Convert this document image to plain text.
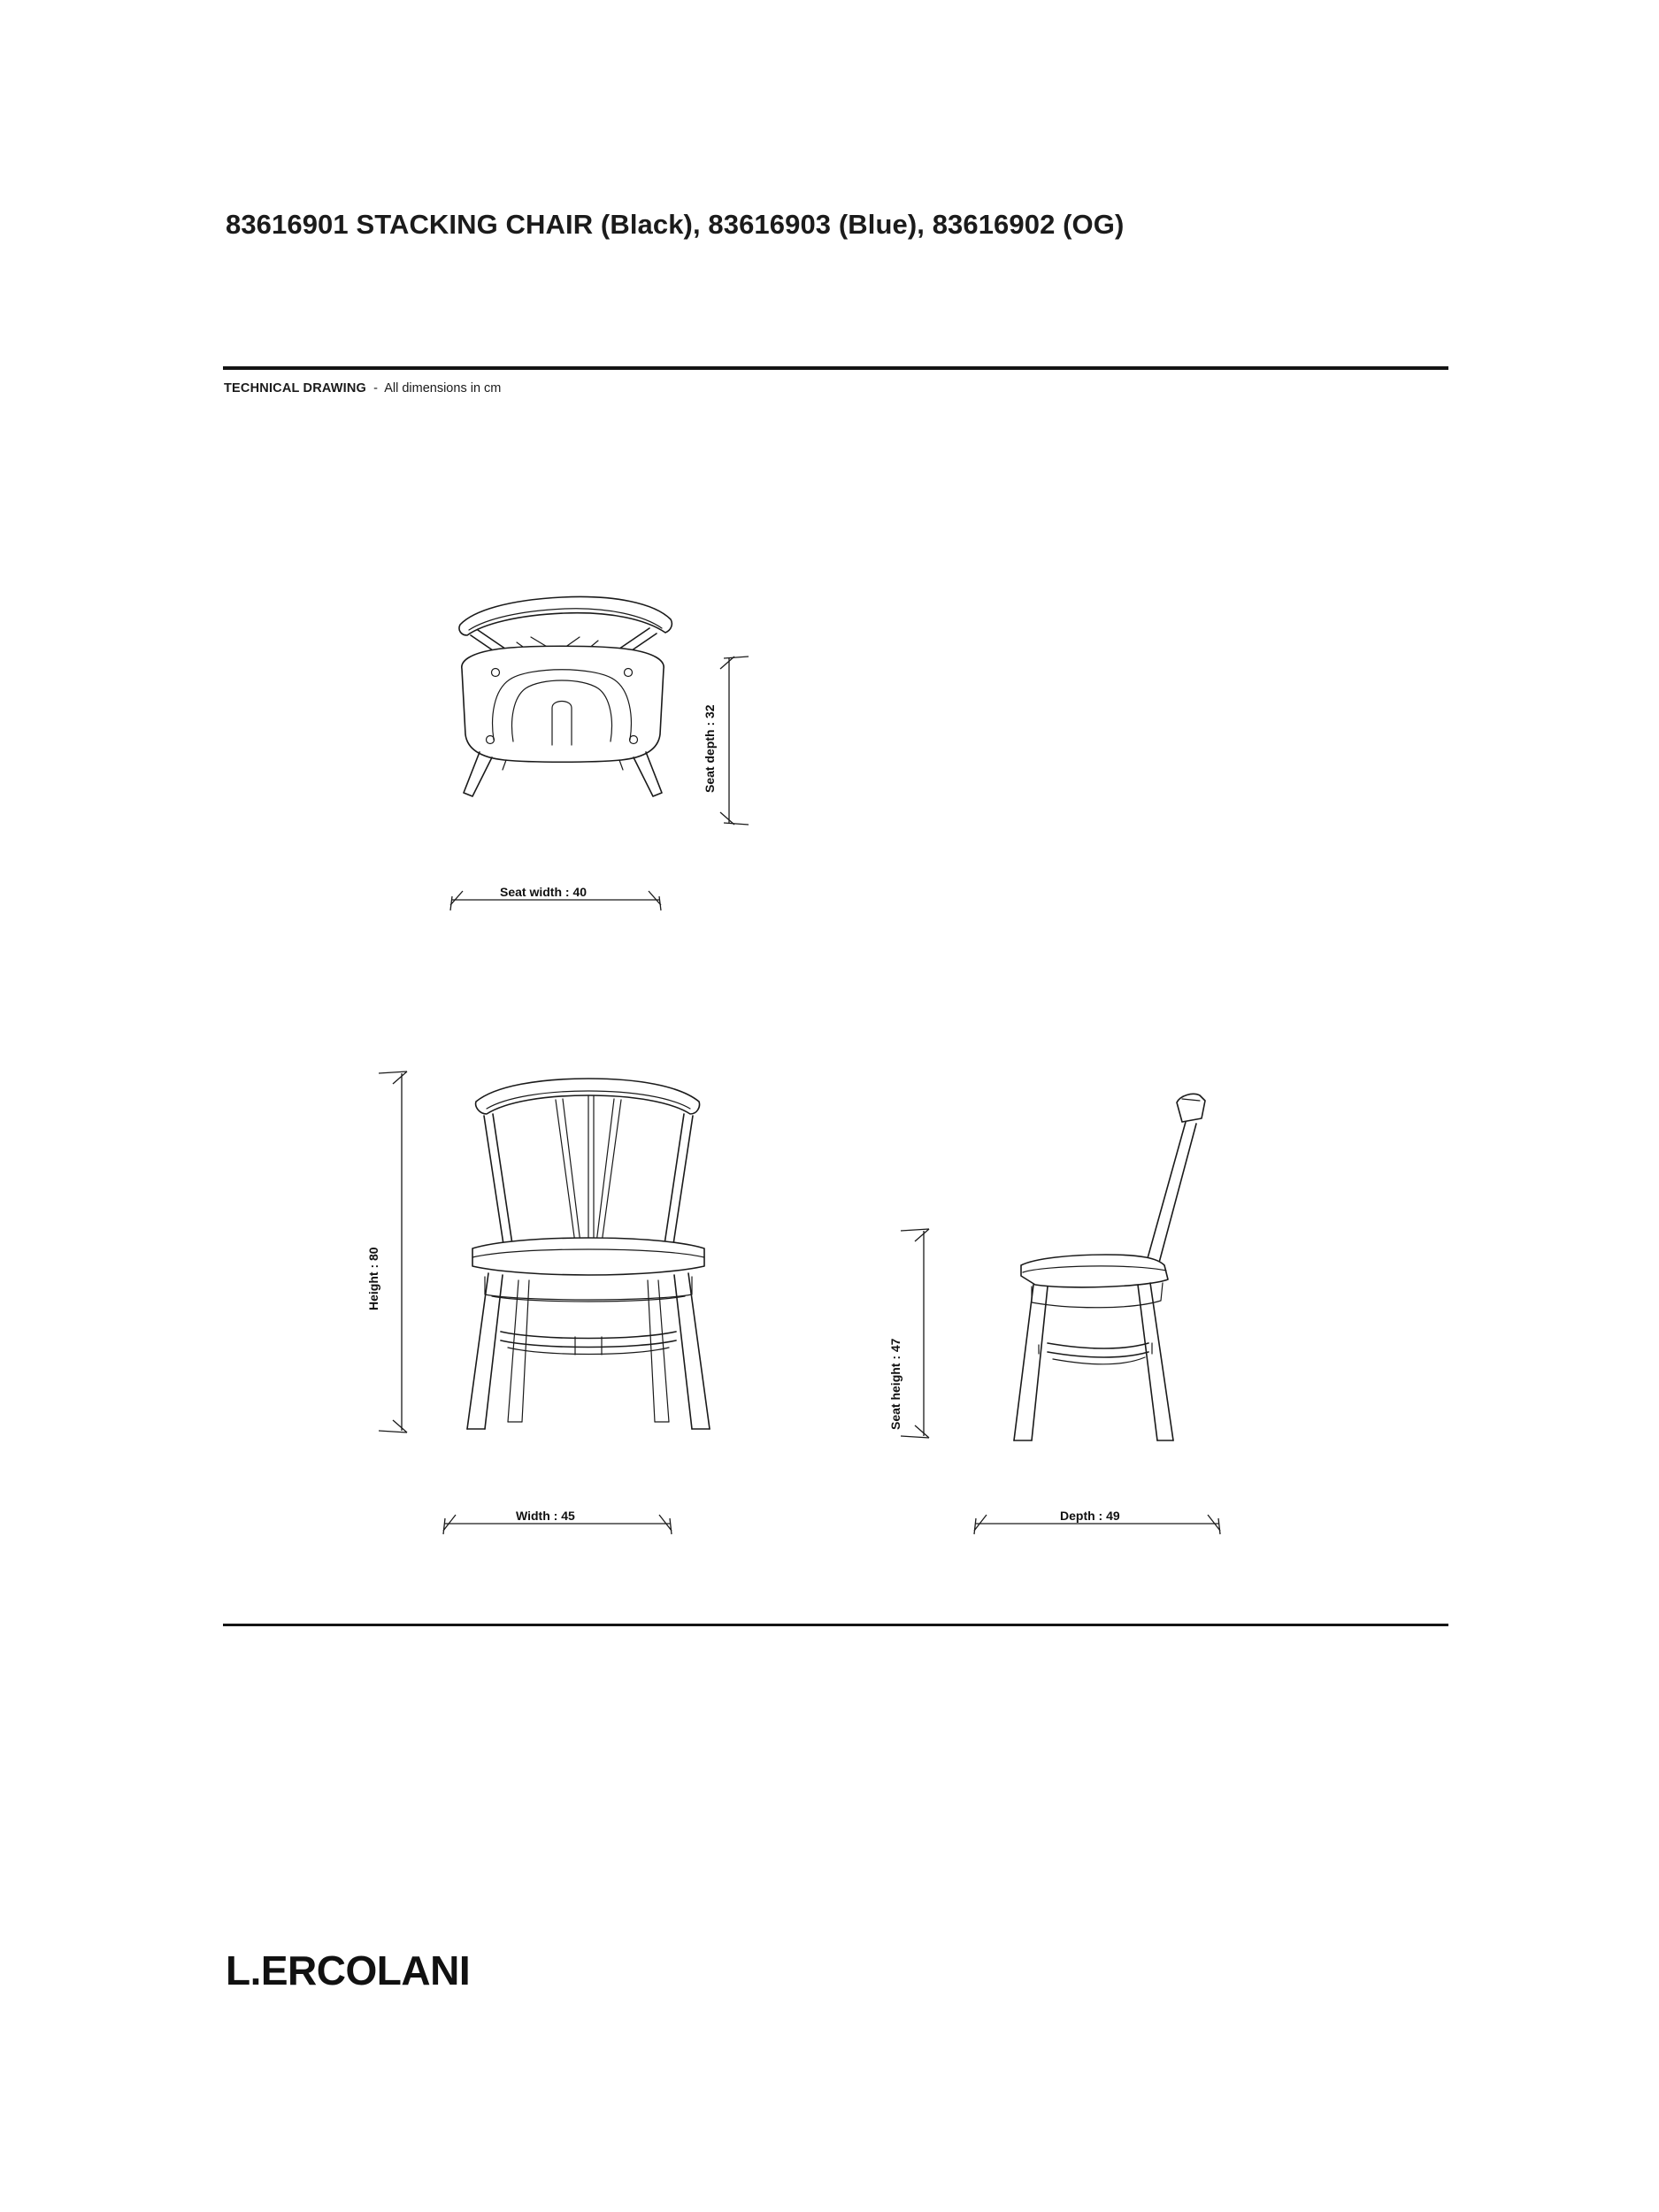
83616901 STACKING CHAIR (Black), 83616903 (Blue), 83616902 (OG)
TECHNICAL DRAWING - All dimensions in cm
Seat depth : 32
Seat width : 40
Height : 80
Width : 45
Seat height : 47
Depth : 49
L.ERCOLANI
